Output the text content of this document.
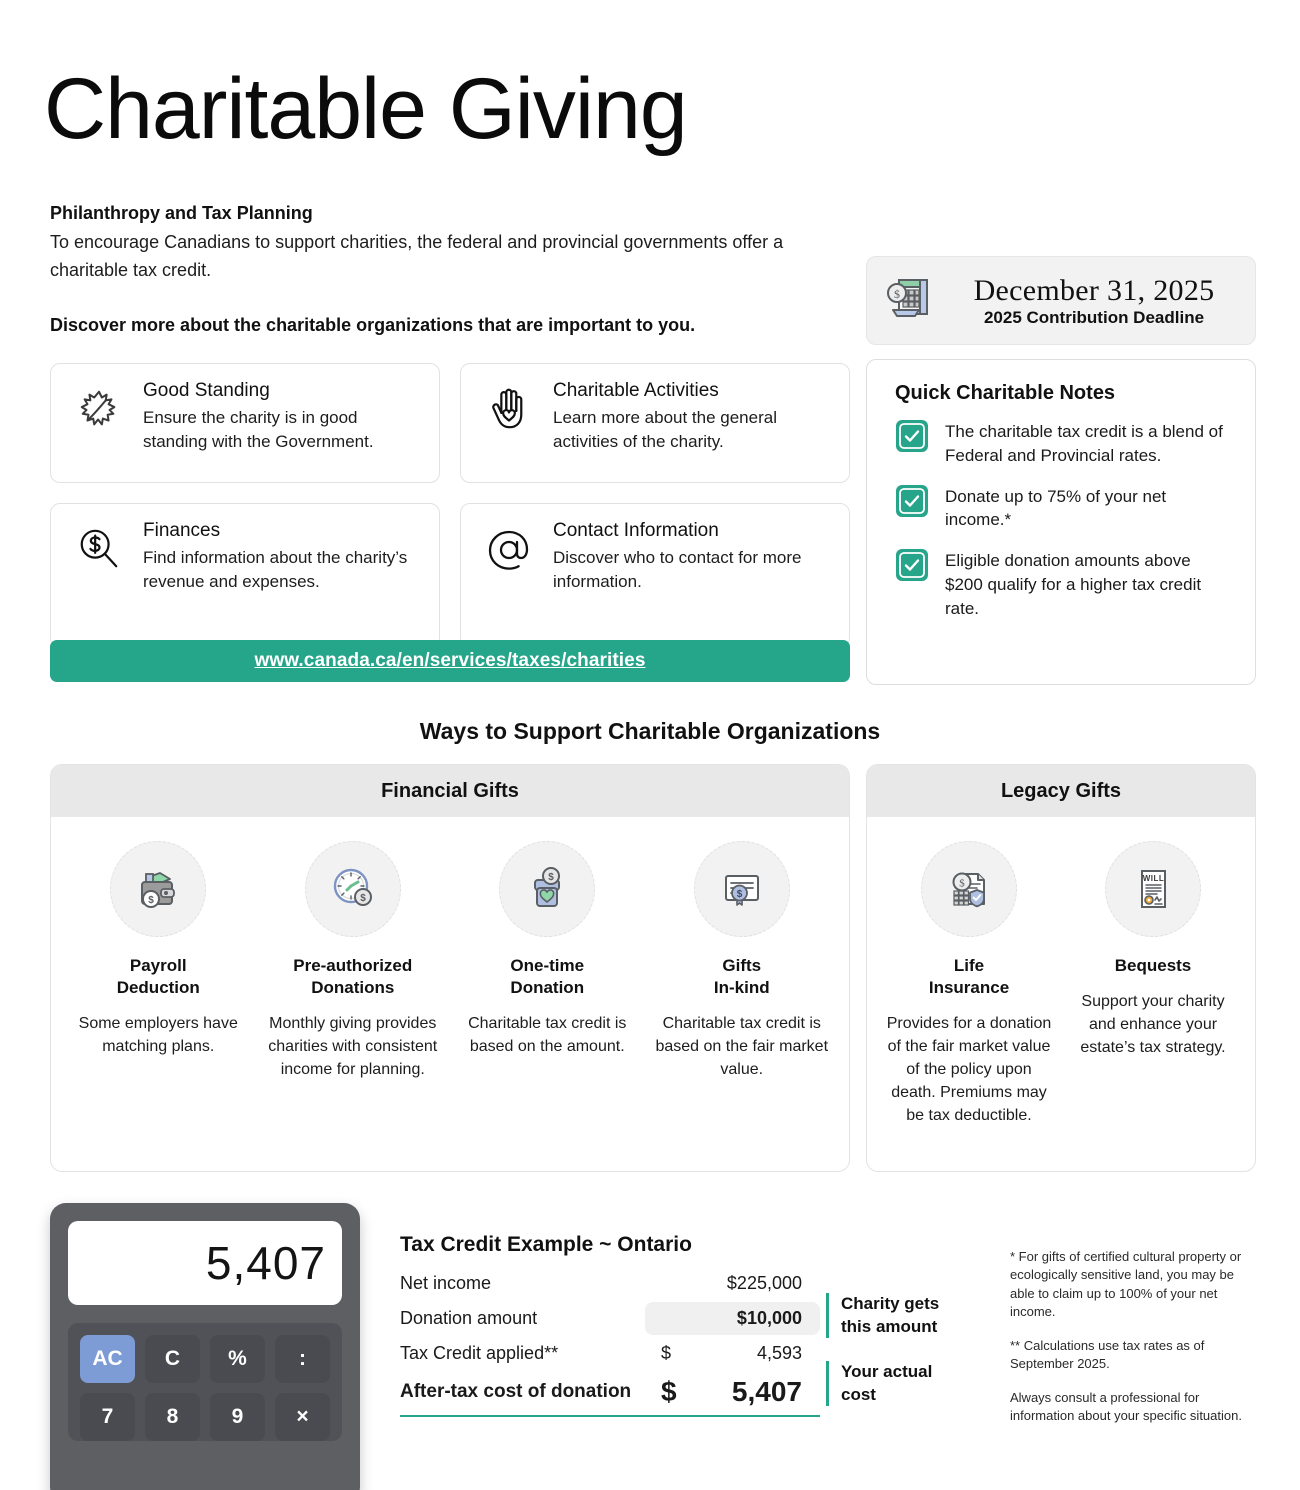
Charitable Giving
Philanthropy and Tax Planning
To encourage Canadians to support charities, the federal and provincial governments offer a charitable tax credit.
Discover more about the charitable organizations that are important to you.
Good Standing
Ensure the charity is in good standing with the Government.
Charitable Activities
Learn more about the general activities of the charity.
Finances
Find information about the charity’s revenue and expenses.
Contact Information
Discover who to contact for more information.
www.canada.ca/en/services/taxes/charities
$	December 31, 2025
2025 Contribution Deadline
Quick Charitable Notes
The charitable tax credit is a blend of Federal and Provincial rates.
Donate up to 75% of your net income.*
Eligible donation amounts above $200 qualify for a higher tax credit rate.
Ways to Support Charitable Organizations
Financial Gifts
$
Payroll
Deduction
Some employers have matching plans.
$
Pre-authorized
Donations
Monthly giving provides charities with consistent income for planning.
$
One-time
Donation
Charitable tax credit is based on the amount.
$
Gifts
In-kind
Charitable tax credit is based on the fair market value.
Legacy Gifts
$
Life
Insurance
Provides for a donation of the fair market value of the policy upon death. Premiums may be tax deductible.
WILL
Bequests
Support your charity and enhance your estate’s tax strategy.
5,407
AC	C	%	:
7	8	9	×
Tax Credit Example ~ Ontario
Net income	$225,000
Donation amount	$ 10,000
Tax Credit applied**	$	4,593
After-tax cost of donation	$ 5,407
Charity gets
this amount
Your actual
cost

* For gifts of certified cultural property or ecologically sensitive land, you may be able to claim up to 100% of your net income.

** Calculations use tax rates as of September 2025.

Always consult a professional for information about your specific situation.
